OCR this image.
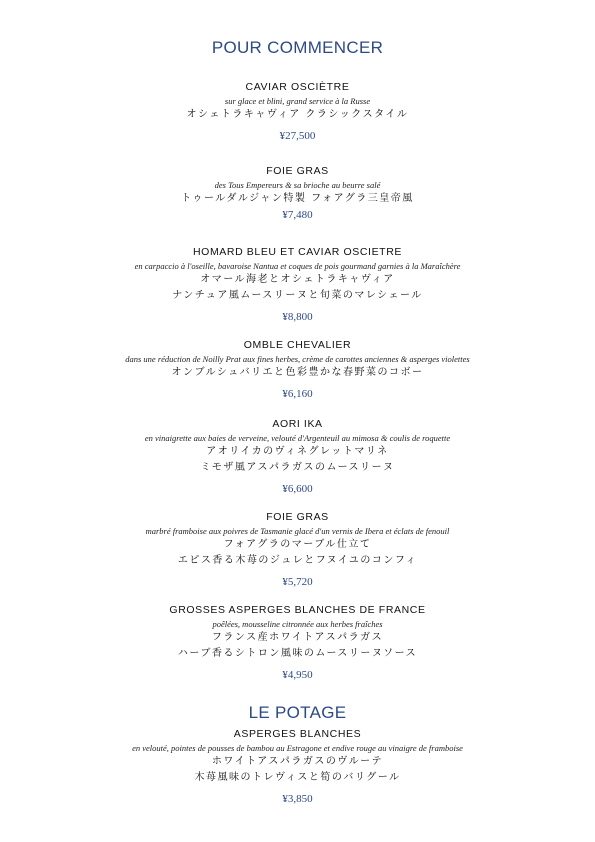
POUR COMMENCER
CAVIAR OSCIÈTRE
sur glace et blini, grand service à la Russe
オシェトラキャヴィア クラシックスタイル
¥27,500
FOIE GRAS
des Tous Empereurs & sa brioche au beurre salé
トゥールダルジャン特製 フォアグラ三皇帝風
¥7,480
HOMARD BLEU ET CAVIAR OSCIETRE
en carpaccio à l'oseille, bavaroise Nantua et coques de pois gourmand garnies à la Maraîchère
オマール海老とオシェトラキャヴィア
ナンチュア風ムースリーヌと旬菜のマレシェール
¥8,800
OMBLE CHEVALIER
dans une réduction de Noilly Prat aux fines herbes, crème de carottes anciennes & asperges violettes
オンブルシュバリエと色彩豊かな春野菜のコボー
¥6,160
AORI IKA
en vinaigrette aux baies de verveine, velouté d'Argenteuil au mimosa & coulis de roquette
アオリイカのヴィネグレットマリネ
ミモザ風アスパラガスのムースリーヌ
¥6,600
FOIE GRAS
marbré framboise aux poivres de Tasmanie glacé d'un vernis de Ibera et éclats de fenouil
フォアグラのマーブル仕立て
エピス香る木苺のジュレとフヌイユのコンフィ
¥5,720
GROSSES ASPERGES BLANCHES DE FRANCE
poêlées, mousseline citronnée aux herbes fraîches
フランス産ホワイトアスパラガス
ハーブ香るシトロン風味のムースリーヌソース
¥4,950
LE POTAGE
ASPERGES BLANCHES
en velouté, pointes de pousses de bambou au Estragone et endive rouge au vinaigre de framboise
ホワイトアスパラガスのヴルーテ
木苺風味のトレヴィスと筍のバリグール
¥3,850
